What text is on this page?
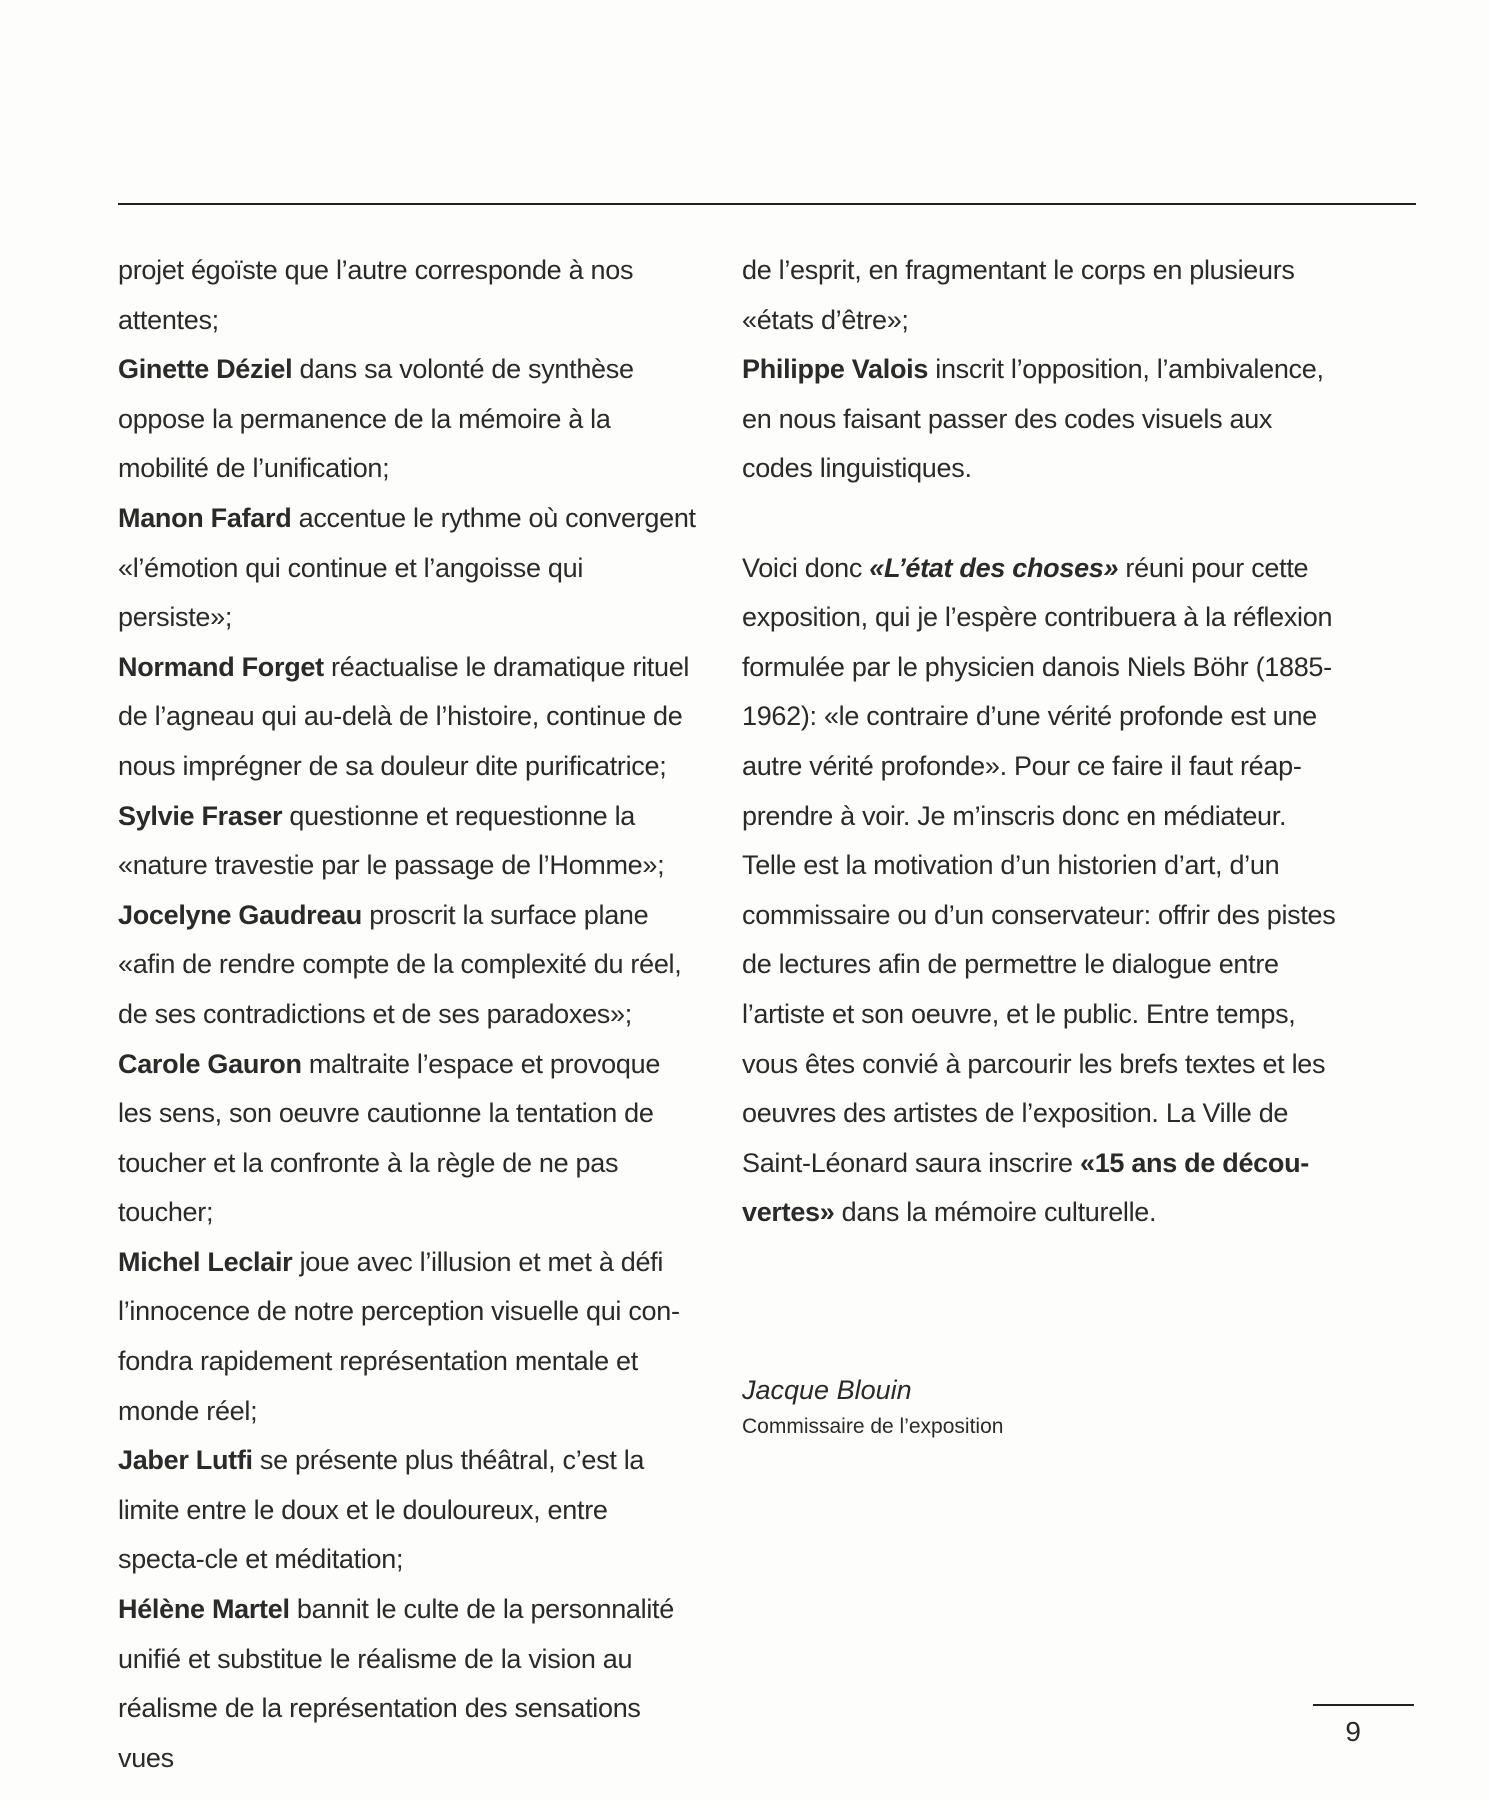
projet égoïste que l’autre corresponde à nos attentes;

Ginette Déziel dans sa volonté de synthèse oppose la permanence de la mémoire à la mobilité de l’unification;

Manon Fafard accentue le rythme où convergent «l’émotion qui continue et l’angoisse qui persiste»;

Normand Forget réactualise le dramatique rituel de l’agneau qui au-delà de l’histoire, continue de nous imprégner de sa douleur dite purificatrice;

Sylvie Fraser questionne et requestionne la «nature travestie par le passage de l’Homme»;

Jocelyne Gaudreau proscrit la surface plane «afin de rendre compte de la complexité du réel, de ses contradictions et de ses paradoxes»;

Carole Gauron maltraite l’espace et provoque les sens, son oeuvre cautionne la tentation de toucher et la confronte à la règle de ne pas toucher;

Michel Leclair joue avec l’illusion et met à défi l’innocence de notre perception visuelle qui con-fondra rapidement représentation mentale et monde réel;

Jaber Lutfi se présente plus théâtral, c’est la limite entre le doux et le douloureux, entre specta-cle et méditation;

Hélène Martel bannit le culte de la personnalité unifié et substitue le réalisme de la vision au réalisme de la représentation des sensations vues

de l’esprit, en fragmentant le corps en plusieurs «états d’être»;

Philippe Valois inscrit l’opposition, l’ambivalence, en nous faisant passer des codes visuels aux codes linguistiques.

Voici donc «L’état des choses» réuni pour cette exposition, qui je l’espère contribuera à la réflexion formulée par le physicien danois Niels Böhr (1885-1962): «le contraire d’une vérité profonde est une autre vérité profonde». Pour ce faire il faut réap-prendre à voir. Je m’inscris donc en médiateur. Telle est la motivation d’un historien d’art, d’un commissaire ou d’un conservateur: offrir des pistes de lectures afin de permettre le dialogue entre l’artiste et son oeuvre, et le public. Entre temps, vous êtes convié à parcourir les brefs textes et les oeuvres des artistes de l’exposition. La Ville de Saint-Léonard saura inscrire «15 ans de décou-vertes» dans la mémoire culturelle.

Jacque Blouin

Commissaire de l’exposition

9
